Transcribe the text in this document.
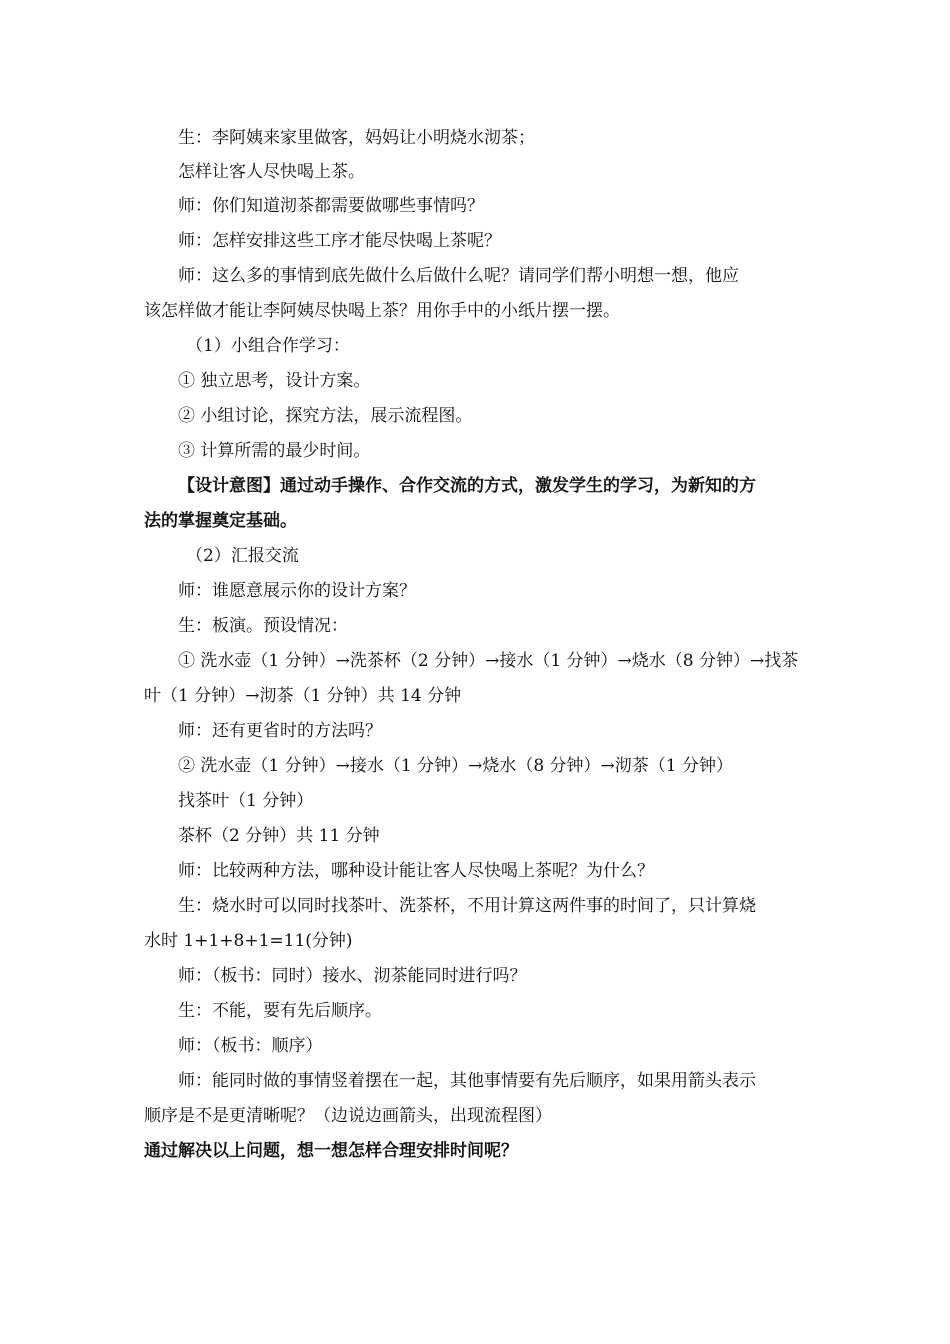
生：李阿姨来家里做客，妈妈让小明烧水沏茶；
怎样让客人尽快喝上茶。
师：你们知道沏茶都需要做哪些事情吗？
师：怎样安排这些工序才能尽快喝上茶呢？
师：这么多的事情到底先做什么后做什么呢？请同学们帮小明想一想，他应
该怎样做才能让李阿姨尽快喝上茶？用你手中的小纸片摆一摆。
（1）小组合作学习：
① 独立思考，设计方案。
② 小组讨论，探究方法，展示流程图。
③ 计算所需的最少时间。
【设计意图】通过动手操作、合作交流的方式，激发学生的学习，为新知的方
法的掌握奠定基础。
（2）汇报交流
师：谁愿意展示你的设计方案？
生：板演。预设情况：
① 洗水壶（1 分钟）→洗茶杯（2 分钟）→接水（1 分钟）→烧水（8 分钟）→找茶
叶（1 分钟）→沏茶（1 分钟）共 14 分钟
师：还有更省时的方法吗？
② 洗水壶（1 分钟）→接水（1 分钟）→烧水（8 分钟）→沏茶（1 分钟）
找茶叶（1 分钟）
茶杯（2 分钟）共 11 分钟
师：比较两种方法，哪种设计能让客人尽快喝上茶呢？为什么？
生：烧水时可以同时找茶叶、洗茶杯，不用计算这两件事的时间了，只计算烧
水时 1+1+8+1=11(分钟)
师：（板书：同时）接水、沏茶能同时进行吗？
生：不能，要有先后顺序。
师：（板书：顺序）
师：能同时做的事情竖着摆在一起，其他事情要有先后顺序，如果用箭头表示
顺序是不是更清晰呢？（边说边画箭头，出现流程图）
通过解决以上问题，想一想怎样合理安排时间呢？
